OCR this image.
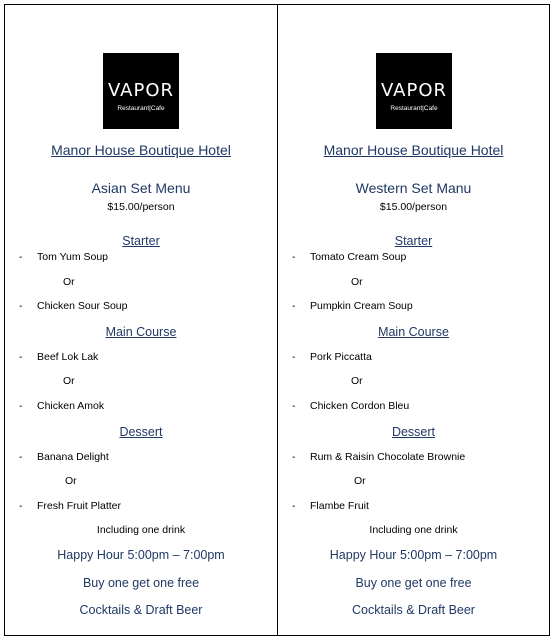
VAPOR
Restaurant|Cafe
Manor House Boutique Hotel
Asian Set Menu
$15.00/person
Starter
- Tom Yum Soup
Or
- Chicken Sour Soup
Main Course
- Beef Lok Lak
Or
- Chicken Amok
Dessert
- Banana Delight
Or
- Fresh Fruit Platter
Including one drink
Happy Hour 5:00pm – 7:00pm
Buy one get one free
Cocktails & Draft Beer
VAPOR
Restaurant|Cafe
Manor House Boutique Hotel
Western Set Manu
$15.00/person
Starter
- Tomato Cream Soup
Or
- Pumpkin Cream Soup
Main Course
- Pork Piccatta
Or
- Chicken Cordon Bleu
Dessert
- Rum & Raisin Chocolate Brownie
Or
- Flambe Fruit
Including one drink
Happy Hour 5:00pm – 7:00pm
Buy one get one free
Cocktails & Draft Beer
